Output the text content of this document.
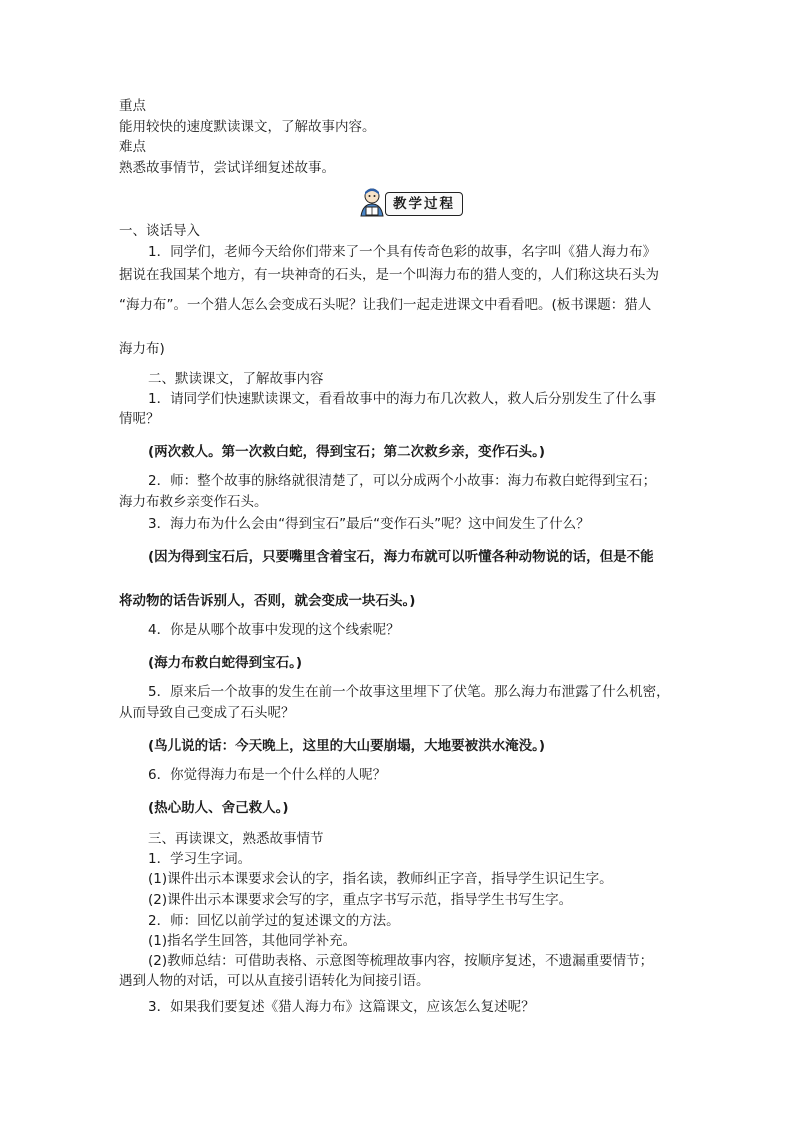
重点

能用较快的速度默读课文，了解故事内容。

难点

熟悉故事情节，尝试详细复述故事。

教学过程

一、谈话导入

1．同学们，老师今天给你们带来了一个具有传奇色彩的故事，名字叫《猎人海力布》

据说在我国某个地方，有一块神奇的石头，是一个叫海力布的猎人变的，人们称这块石头为

“海力布”。一个猎人怎么会变成石头呢？让我们一起走进课文中看看吧。(板书课题：猎人

海力布)

二、默读课文，了解故事内容

1．请同学们快速默读课文，看看故事中的海力布几次救人，救人后分别发生了什么事

情呢？

(两次救人。第一次救白蛇，得到宝石；第二次救乡亲，变作石头。)

2．师：整个故事的脉络就很清楚了，可以分成两个小故事：海力布救白蛇得到宝石；

海力布救乡亲变作石头。

3．海力布为什么会由“得到宝石”最后“变作石头”呢？这中间发生了什么？

(因为得到宝石后，只要嘴里含着宝石，海力布就可以听懂各种动物说的话，但是不能

将动物的话告诉别人，否则，就会变成一块石头。)

4．你是从哪个故事中发现的这个线索呢？

(海力布救白蛇得到宝石。)

5．原来后一个故事的发生在前一个故事这里埋下了伏笔。那么海力布泄露了什么机密，

从而导致自己变成了石头呢？

(鸟儿说的话：今天晚上，这里的大山要崩塌，大地要被洪水淹没。)

6．你觉得海力布是一个什么样的人呢？

(热心助人、舍己救人。)

三、再读课文，熟悉故事情节

1．学习生字词。

(1)课件出示本课要求会认的字，指名读，教师纠正字音，指导学生识记生字。

(2)课件出示本课要求会写的字，重点字书写示范，指导学生书写生字。

2．师：回忆以前学过的复述课文的方法。

(1)指名学生回答，其他同学补充。

(2)教师总结：可借助表格、示意图等梳理故事内容，按顺序复述，不遗漏重要情节；

遇到人物的对话，可以从直接引语转化为间接引语。

3．如果我们要复述《猎人海力布》这篇课文，应该怎么复述呢？
